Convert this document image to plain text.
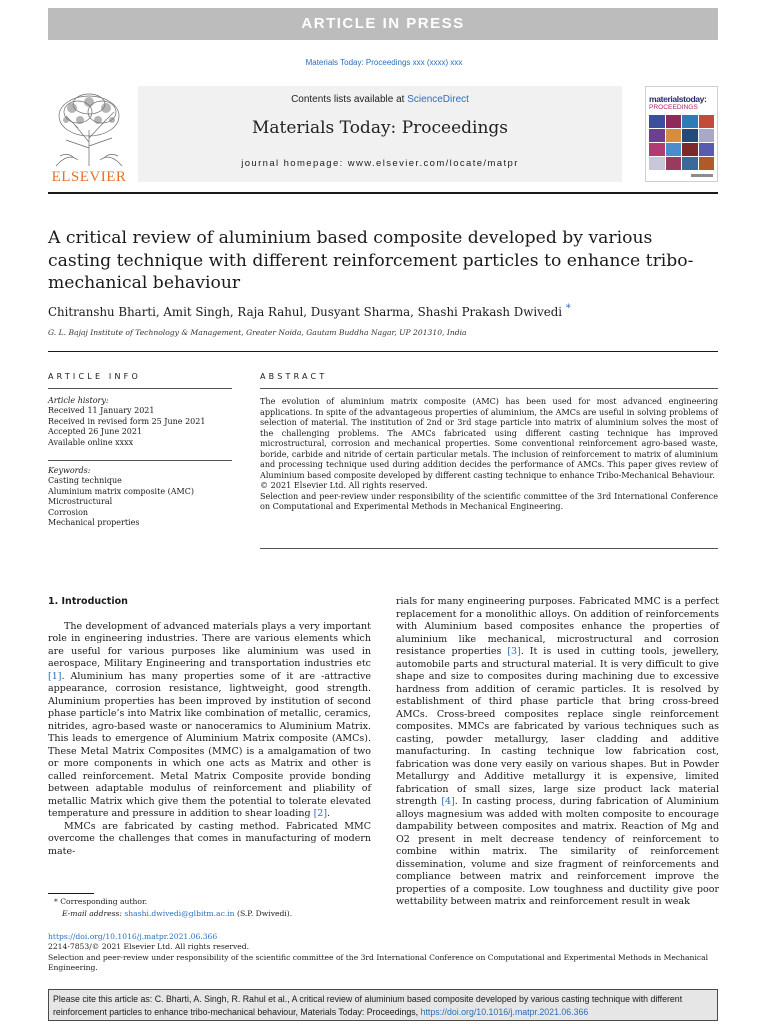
ARTICLE IN PRESS
Materials Today: Proceedings xxx (xxxx) xxx
ELSEVIER
Contents lists available at ScienceDirect
Materials Today: Proceedings
journal homepage: www.elsevier.com/locate/matpr
materialstoday:
PROCEEDINGS
A critical review of aluminium based composite developed by various casting technique with different reinforcement particles to enhance tribo-mechanical behaviour
Chitranshu Bharti, Amit Singh, Raja Rahul, Dusyant Sharma, Shashi Prakash Dwivedi *
G. L. Bajaj Institute of Technology & Management, Greater Noida, Gautam Buddha Nagar, UP 201310, India
ARTICLE INFO	ABSTRACT
Article history:
Received 11 January 2021
Received in revised form 25 June 2021
Accepted 26 June 2021
Available online xxxx
Keywords:
Casting technique
Aluminium matrix composite (AMC)
Microstructural
Corrosion
Mechanical properties
The evolution of aluminium matrix composite (AMC) has been used for most advanced engineering applications. In spite of the advantageous properties of aluminium, the AMCs are useful in solving problems of selection of material. The institution of 2nd or 3rd stage particle into matrix of aluminium solves the most of the challenging problems. The AMCs fabricated using different casting technique has improved microstructural, corrosion and mechanical properties. Some conventional reinforcement agro-based waste, boride, carbide and nitride of certain particular metals. The inclusion of reinforcement to matrix of aluminium and processing technique used during addition decides the performance of AMCs. This paper gives review of Aluminium based composite developed by different casting technique to enhance Tribo-Mechanical Behaviour.
© 2021 Elsevier Ltd. All rights reserved.
Selection and peer-review under responsibility of the scientific committee of the 3rd International Conference on Computational and Experimental Methods in Mechanical Engineering.
1. Introduction

The development of advanced materials plays a very important role in engineering industries. There are various elements which are useful for various purposes like aluminium was used in aerospace, Military Engineering and transportation industries etc [1]. Aluminium has many properties some of it are -attractive appearance, corrosion resistance, lightweight, good strength. Aluminium properties has been improved by institution of second phase particle’s into Matrix like combination of metallic, ceramics, nitrides, agro-based waste or nanoceramics to Aluminium Matrix. This leads to emergence of Aluminium Matrix composite (AMCs). These Metal Matrix Composites (MMC) is a amalgamation of two or more components in which one acts as Matrix and other is called reinforcement. Metal Matrix Composite provide bonding between adaptable modulus of reinforcement and pliability of metallic Matrix which give them the potential to tolerate elevated temperature and pressure in addition to shear loading [2].

MMCs are fabricated by casting method. Fabricated MMC overcome the challenges that comes in manufacturing of modern mate-

rials for many engineering purposes. Fabricated MMC is a perfect replacement for a monolithic alloys. On addition of reinforcements with Aluminium based composites enhance the properties of aluminium like mechanical, microstructural and corrosion resistance properties [3]. It is used in cutting tools, jewellery, automobile parts and structural material. It is very difficult to give shape and size to composites during machining due to excessive hardness from addition of ceramic particles. It is resolved by establishment of third phase particle that bring cross-breed AMCs. Cross-breed composites replace single reinforcement composites. MMCs are fabricated by various techniques such as casting, powder metallurgy, laser cladding and additive manufacturing. In casting technique low fabrication cost, fabrication was done very easily on various shapes. But in Powder Metallurgy and Additive metallurgy it is expensive, limited fabrication of small sizes, large size product lack material strength [4]. In casting process, during fabrication of Aluminium alloys magnesium was added with molten composite to encourage dampability between composites and matrix. Reaction of Mg and O2 present in melt decrease tendency of reinforcement to combine within matrix. The similarity of reinforcement dissemination, volume and size fragment of reinforcements and compliance between matrix and reinforcement improve the properties of a composite. Low toughness and ductility give poor wettability between matrix and reinforcement result in weak

* Corresponding author.
E-mail address: shashi.dwivedi@glbitm.ac.in (S.P. Dwivedi).
https://doi.org/10.1016/j.matpr.2021.06.366
2214-7853/© 2021 Elsevier Ltd. All rights reserved.
Selection and peer-review under responsibility of the scientific committee of the 3rd International Conference on Computational and Experimental Methods in Mechanical Engineering.
Please cite this article as: C. Bharti, A. Singh, R. Rahul et al., A critical review of aluminium based composite developed by various casting technique with different reinforcement particles to enhance tribo-mechanical behaviour, Materials Today: Proceedings, https://doi.org/10.1016/j.matpr.2021.06.366
